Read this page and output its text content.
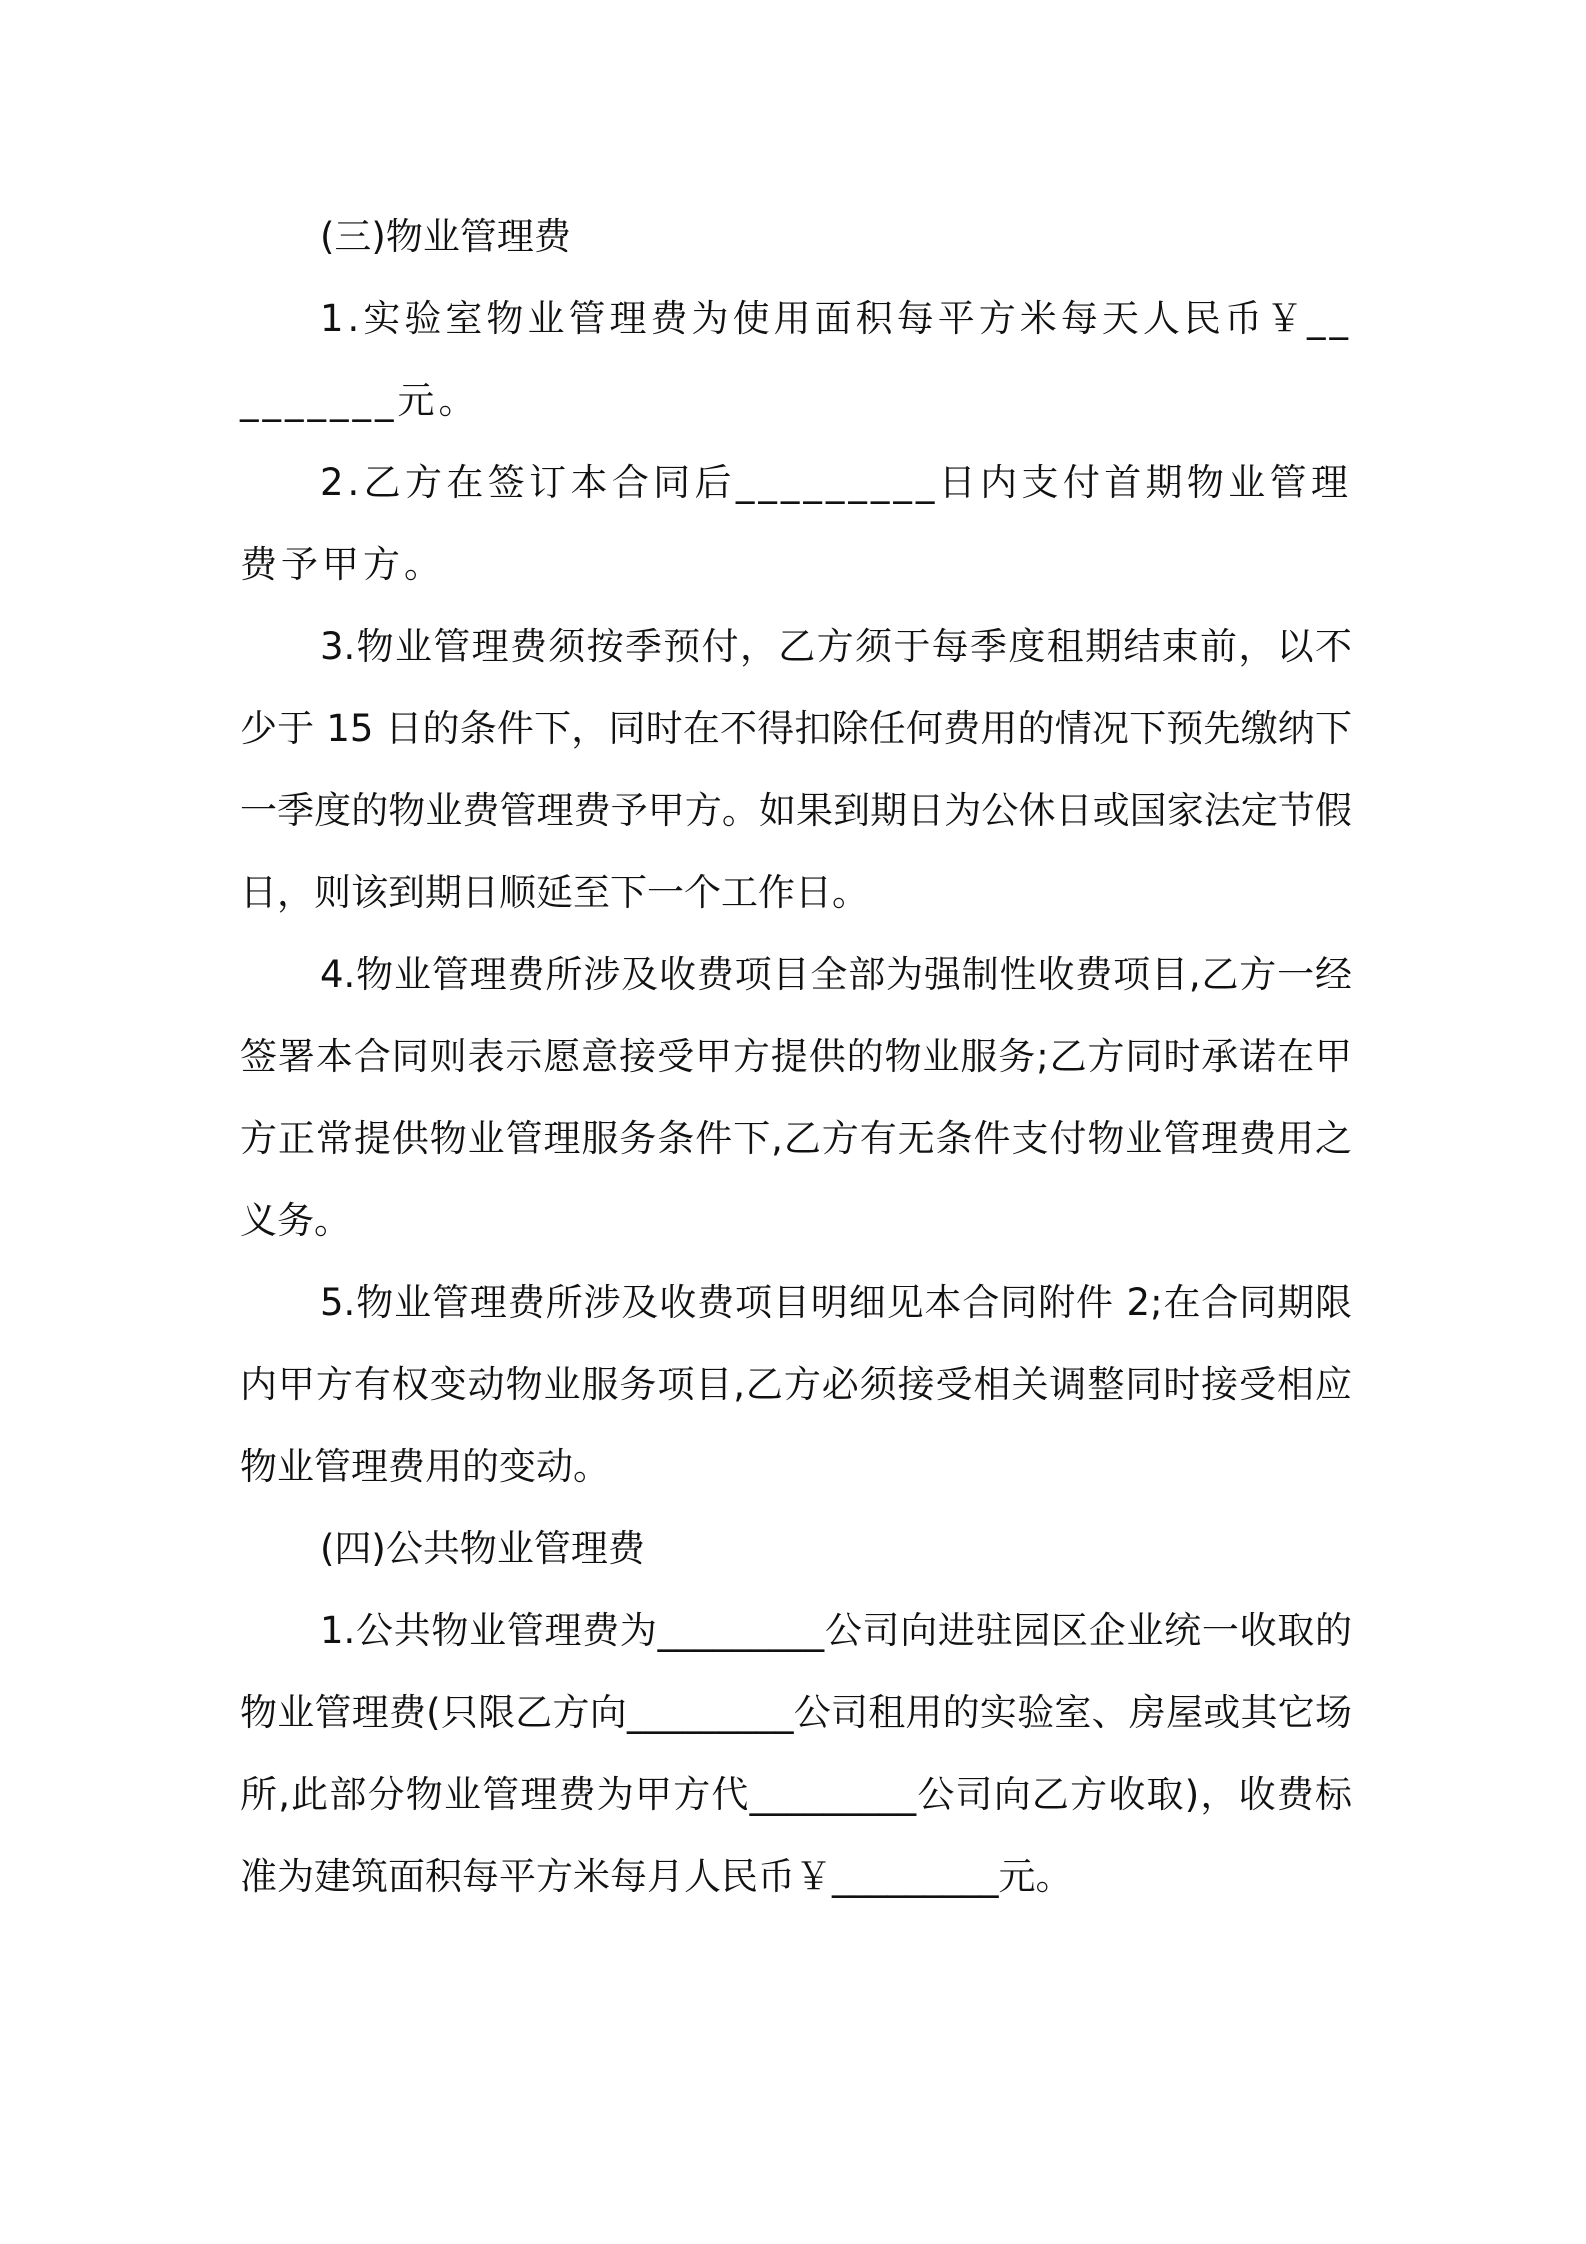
(三)物业管理费

1.实验室物业管理费为使用面积每平方米每天人民币￥_________元。

2.乙方在签订本合同后_________日内支付首期物业管理费予甲方。

3.物业管理费须按季预付，乙方须于每季度租期结束前，以不少于 15 日的条件下，同时在不得扣除任何费用的情况下预先缴纳下一季度的物业费管理费予甲方。如果到期日为公休日或国家法定节假日，则该到期日顺延至下一个工作日。

4.物业管理费所涉及收费项目全部为强制性收费项目,乙方一经签署本合同则表示愿意接受甲方提供的物业服务;乙方同时承诺在甲方正常提供物业管理服务条件下,乙方有无条件支付物业管理费用之义务。

5.物业管理费所涉及收费项目明细见本合同附件 2;在合同期限内甲方有权变动物业服务项目,乙方必须接受相关调整同时接受相应物业管理费用的变动。

(四)公共物业管理费

1.公共物业管理费为_________公司向进驻园区企业统一收取的物业管理费(只限乙方向_________公司租用的实验室、房屋或其它场所,此部分物业管理费为甲方代_________公司向乙方收取)，收费标准为建筑面积每平方米每月人民币￥_________元。
